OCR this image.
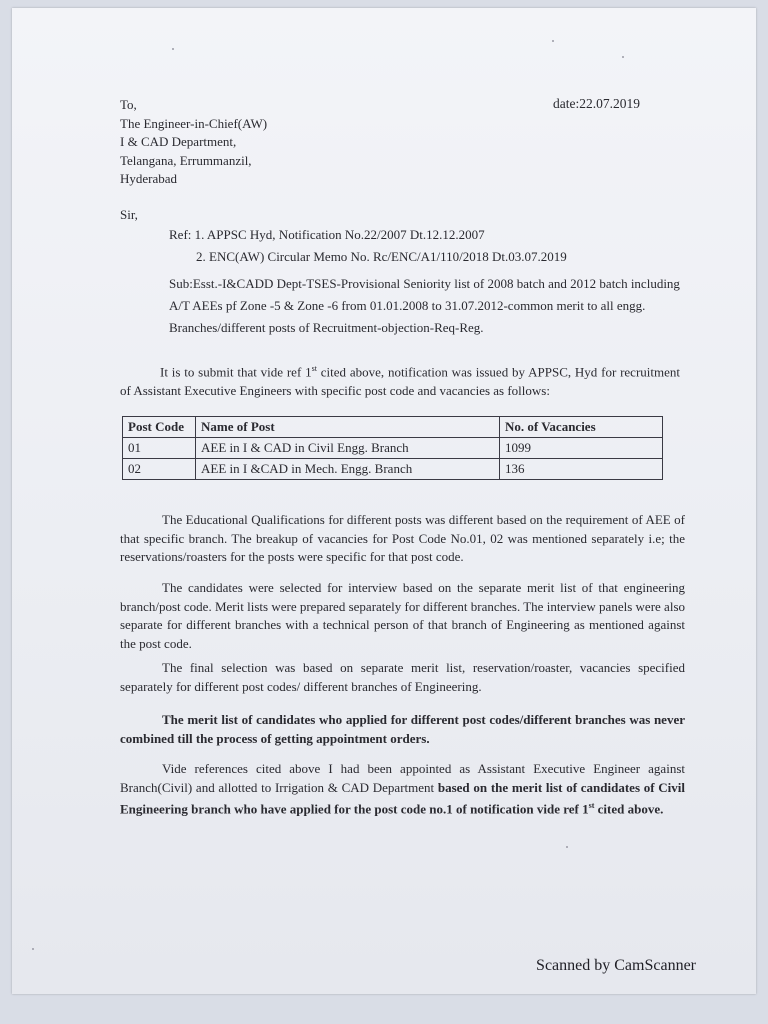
To,
The Engineer-in-Chief(AW)
I & CAD Department,
Telangana, Errummanzil,
Hyderabad
date:22.07.2019
Sir,
Ref: 1. APPSC Hyd, Notification No.22/2007 Dt.12.12.2007
2. ENC(AW) Circular Memo No. Rc/ENC/A1/110/2018 Dt.03.07.2019
Sub:Esst.-I&CADD Dept-TSES-Provisional Seniority list of 2008 batch and 2012 batch including A/T AEEs pf Zone -5 & Zone -6 from 01.01.2008 to 31.07.2012-common merit to all engg. Branches/different posts of Recruitment-objection-Req-Reg.
It is to submit that vide ref 1st cited above, notification was issued by APPSC, Hyd for recruitment of Assistant Executive Engineers with specific post code and vacancies as follows:
Post Code	Name of Post	No. of Vacancies
01	AEE in I & CAD in Civil Engg. Branch	1099
02	AEE in I &CAD in Mech. Engg. Branch	136
The Educational Qualifications for different posts was different based on the requirement of AEE of that specific branch. The breakup of vacancies for Post Code No.01, 02 was mentioned separately i.e; the reservations/roasters for the posts were specific for that post code.
The candidates were selected for interview based on the separate merit list of that engineering branch/post code. Merit lists were prepared separately for different branches. The interview panels were also separate for different branches with a technical person of that branch of Engineering as mentioned against the post code.
The final selection was based on separate merit list, reservation/roaster, vacancies specified separately for different post codes/ different branches of Engineering.
The merit list of candidates who applied for different post codes/different branches was never combined till the process of getting appointment orders.
Vide references cited above I had been appointed as Assistant Executive Engineer against Branch(Civil) and allotted to Irrigation & CAD Department based on the merit list of candidates of Civil Engineering branch who have applied for the post code no.1 of notification vide ref 1st cited above.
Scanned by CamScanner
